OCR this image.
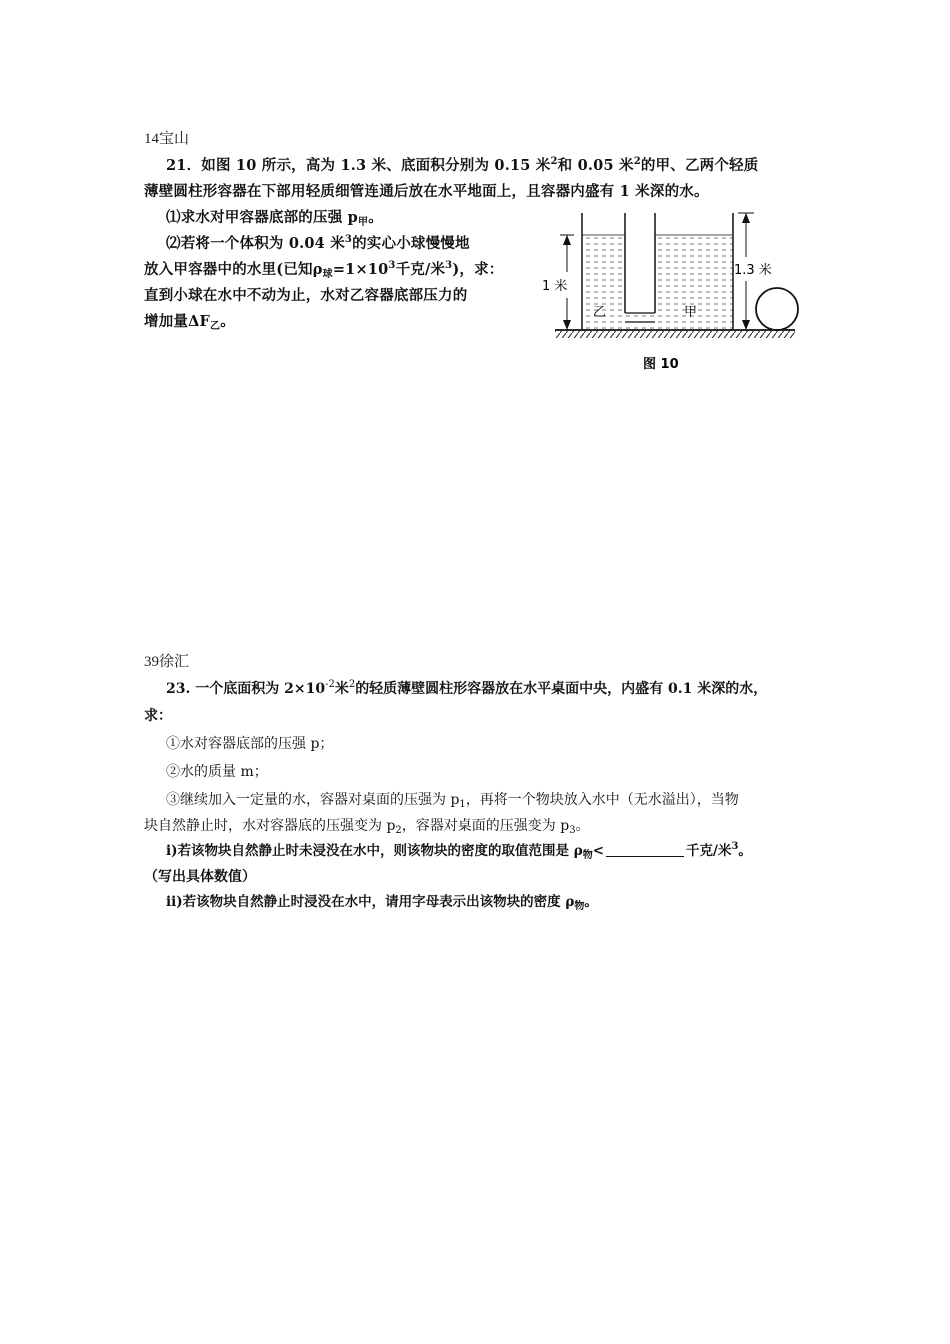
14宝山
21．如图 10 所示，高为 1.3 米、底面积分别为 0.15 米$^2$和 0.05 米$^2$的甲、乙两个轻质
薄壁圆柱形容器在下部用轻质细管连通后放在水平地面上，且容器内盛有 1 米深的水。
⑴求水对甲容器底部的压强 $p_甲$。
⑵若将一个体积为 0.04 米$^3$的实心小球慢慢地
放入甲容器中的水里(已知$\rho_球=1\times 10^3$千克/米$^3$)，求：
直到小球在水中不动为止，水对乙容器底部压力的
增加量$\Delta F_乙$。
1 米
1.3 米
乙	甲
图 10
39徐汇
23. 一个底面积为 $2\times 10^{-2}$米$^2$的轻质薄壁圆柱形容器放在水平桌面中央，内盛有 0.1 米深的水，
求：
①水对容器底部的压强 p；
②水的质量 m；
③继续加入一定量的水，容器对桌面的压强为 $p_1$，再将一个物块放入水中（无水溢出），当物
块自然静止时，水对容器底的压强变为 $p_2$，容器对桌面的压强变为 $p_3$。
i)若该物块自然静止时未浸没在水中，则该物块的密度的取值范围是 $\rho_物<$	千克/米$^3$。
（写出具体数值）
ii)若该物块自然静止时浸没在水中，请用字母表示出该物块的密度 $\rho_物$。
